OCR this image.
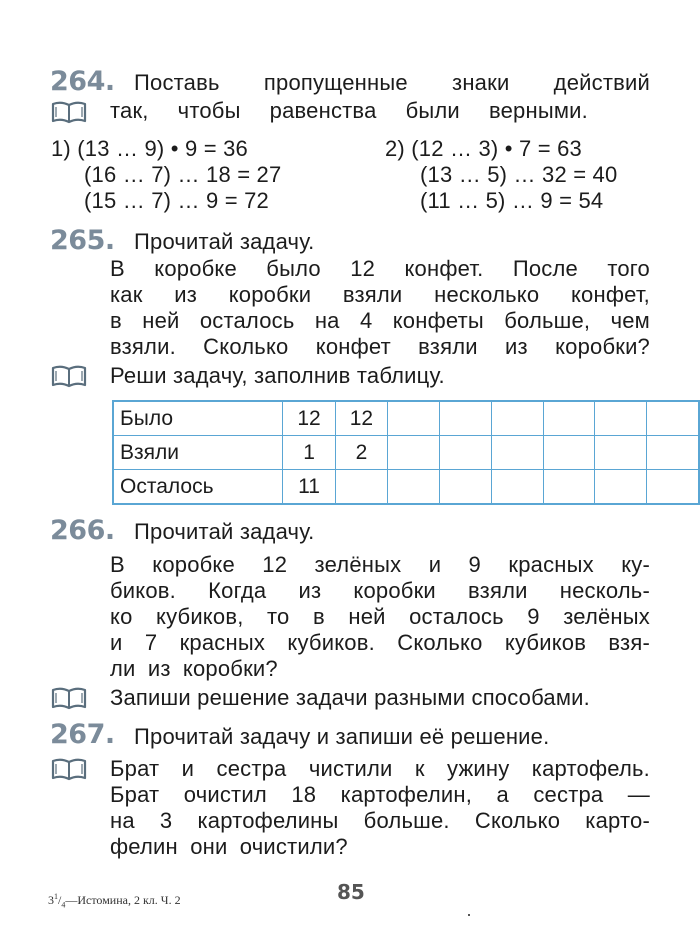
264. Поставь пропущенные знаки действий
так, чтобы равенства были верными.
1) (13 … 9) • 9 = 36
(16 … 7) … 18 = 27
(15 … 7) … 9 = 72
2) (12 … 3) • 7 = 63
(13 … 5) … 32 = 40
(11 … 5) … 9 = 54
265. Прочитай задачу.
В коробке было 12 конфет. После того
как из коробки взяли несколько конфет,
в ней осталось на 4 конфеты больше, чем
взяли. Сколько конфет взяли из коробки?
Реши задачу, заполнив таблицу.
Было	12	12						
Взяли	1	2						
Осталось	11							
266. Прочитай задачу.
В коробке 12 зелёных и 9 красных ку-
биков. Когда из коробки взяли несколь-
ко кубиков, то в ней осталось 9 зелёных
и 7 красных кубиков. Сколько кубиков взя-
ли из коробки?
Запиши решение задачи разными способами.
267. Прочитай задачу и запиши её решение.
Брат и сестра чистили к ужину картофель.
Брат очистил 18 картофелин, а сестра —
на 3 картофелины больше. Сколько карто-
фелин они очистили?
$3^1/_4—Истомина$, 2 кл. Ч. 2	85
